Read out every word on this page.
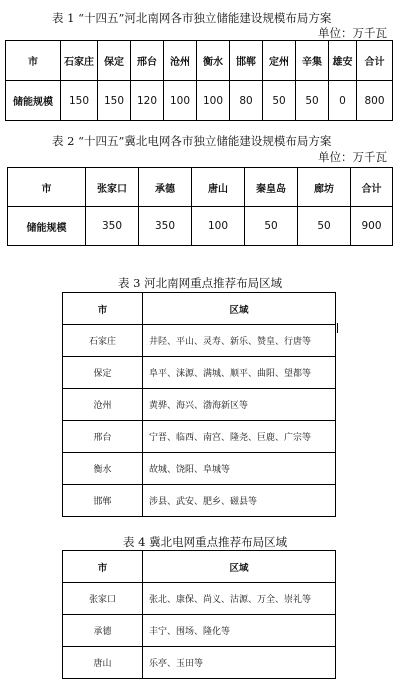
表 1 “十四五”河北南网各市独立储能建设规模布局方案
单位：万千瓦
市	石家庄	保定	邢台	沧州	衡水	邯郸	定州	辛集	雄安	合计
储能规模	150	150	120	100	100	80	50	50	0	800
表 2 “十四五”冀北电网各市独立储能建设规模布局方案
单位：万千瓦
市	张家口	承德	唐山	秦皇岛	廊坊	合计
储能规模	350	350	100	50	50	900
表 3 河北南网重点推荐布局区域
市	区域
石家庄	井陉、平山、灵寿、新乐、赞皇、行唐等
保定	阜平、涞源、满城、顺平、曲阳、望都等
沧州	黄骅、海兴、渤海新区等
邢台	宁晋、临西、南宫、隆尧、巨鹿、广宗等
衡水	故城、饶阳、阜城等
邯郸	涉县、武安、肥乡、磁县等
表 4 冀北电网重点推荐布局区域
市	区域
张家口	张北、康保、尚义、沽源、万全、崇礼等
承德	丰宁、围场、隆化等
唐山	乐亭、玉田等
